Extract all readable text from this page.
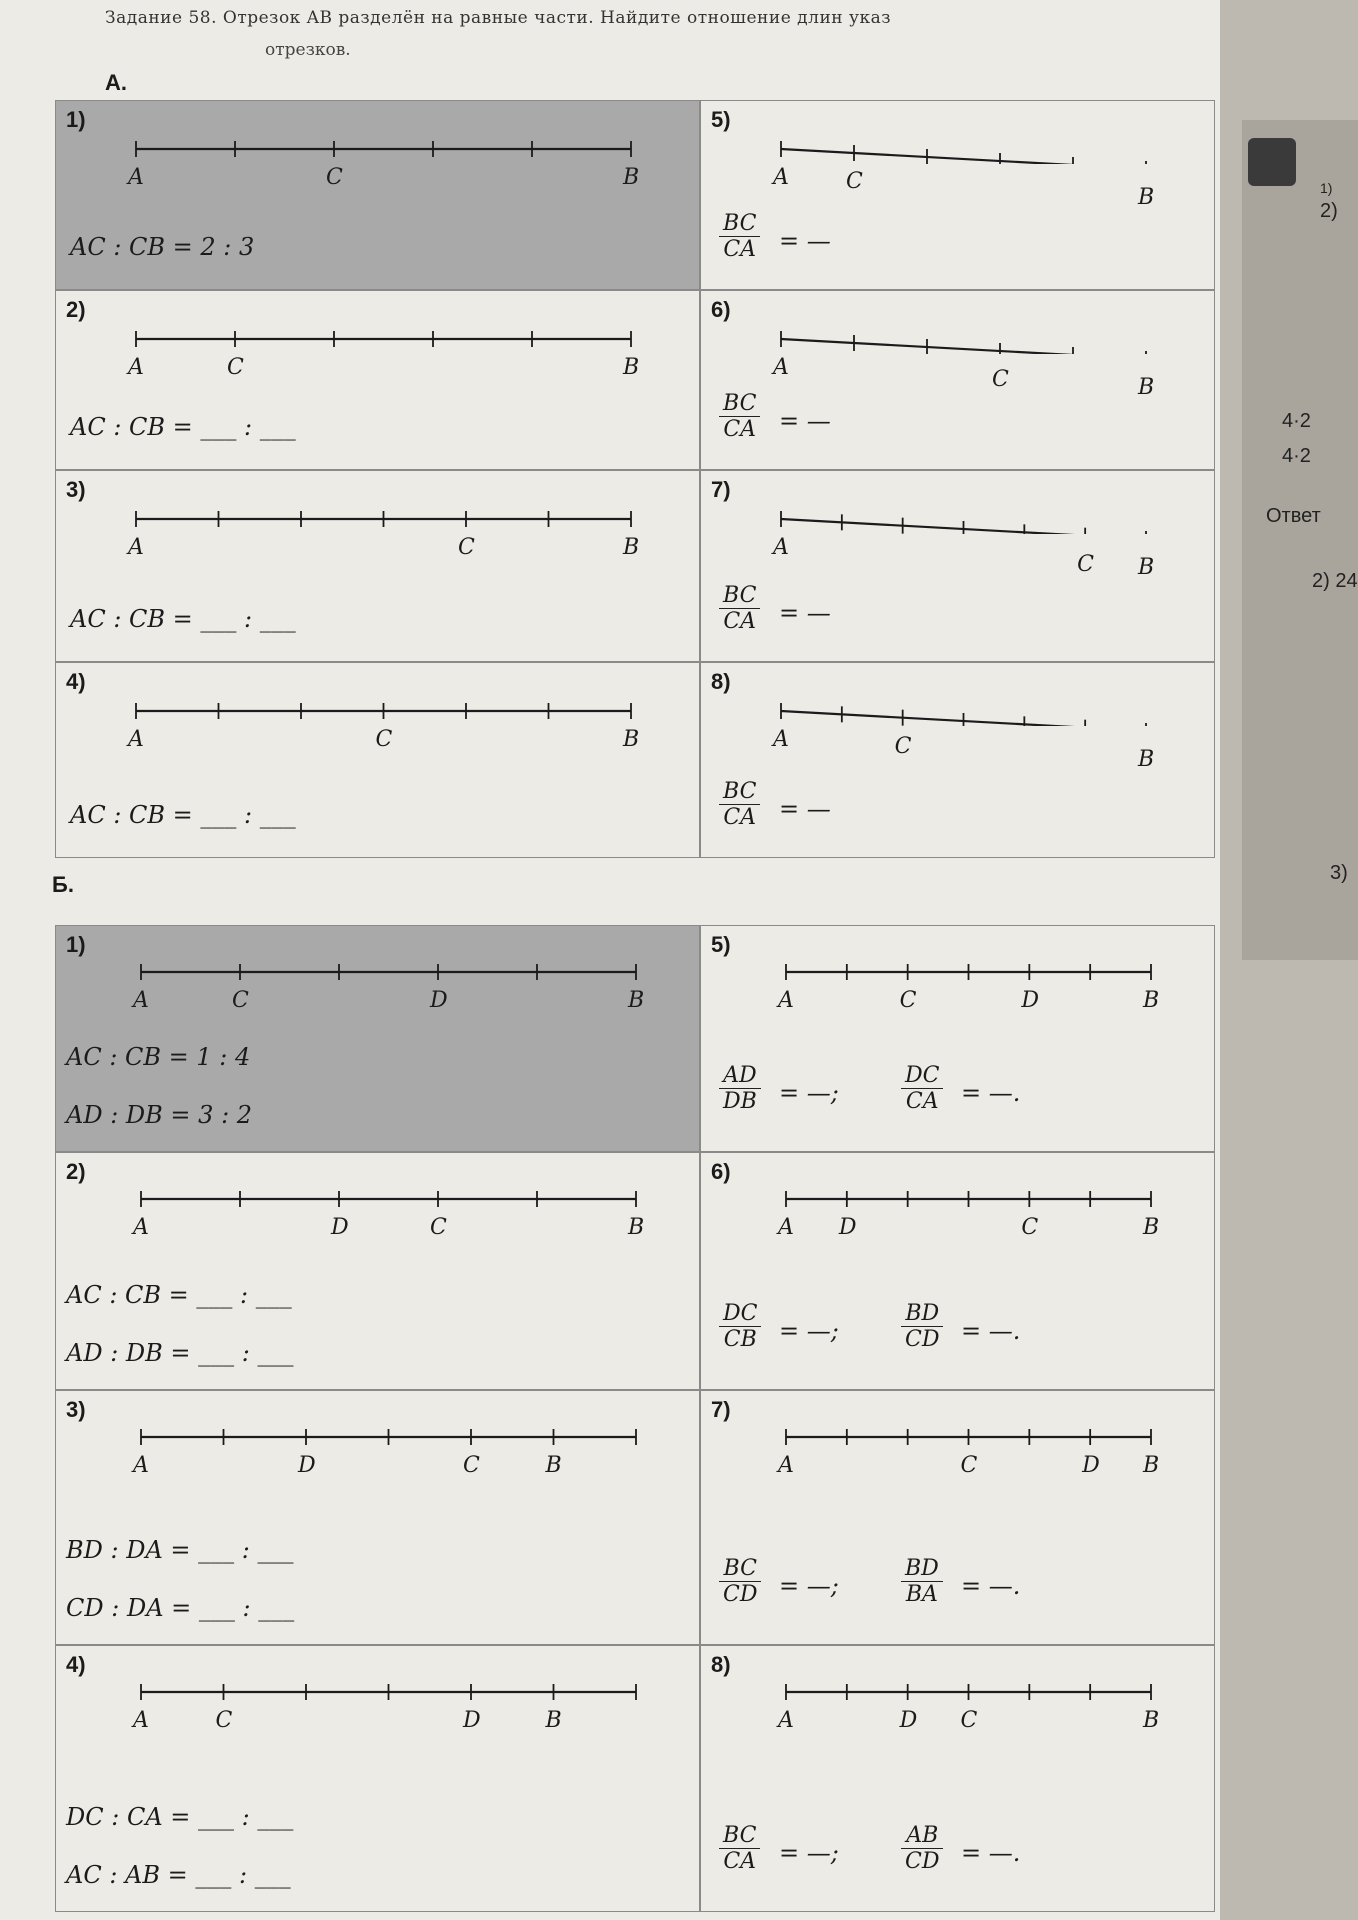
Задание 58. Отрезок AB разделён на равные части. Найдите отношение длин указ
отрезков.
А.
Б.
1)
A	C	B
AC : CB = 2 : 3
2)
A	C	B
AC : CB = ___ : ___
3)
A	C	B
AC : CB = ___ : ___
4)
A	C	B
AC : CB = ___ : ___
5)
A	C
B
$\frac{BC}{CA}$ = —
6)
A	C	B
$\frac{BC}{CA}$ = —
7)
A
C B
$\frac{BC}{CA}$ = —
8)
A	C
B
$\frac{BC}{CA}$ = —
1)
A	C	D	B
AC : CB = 1 : 4
AD : DB = 3 : 2
2)
A	D	C	B
AC : CB = ___ : ___
AD : DB = ___ : ___
3)
A	D	C	B
BD : DA = ___ : ___
CD : DA = ___ : ___
4)
A	C	D	B
DC : CA = ___ : ___
AC : AB = ___ : ___
5)
A	C	D	B
$\frac{AD}{DB}$ = —;	$\frac{DC}{CA}$ = —.
6)
A D	C	B
$\frac{DC}{CB}$ = —;	$\frac{BD}{CD}$ = —.
7)
A	C	D B
$\frac{BC}{CD}$ = —;	$\frac{BD}{BA}$ = —.
8)
A	D C	B
$\frac{BC}{CA}$ = —;	$\frac{AB}{CD}$ = —.
2)
1)
4·2
4·2
Ответ
2) 24
3)
